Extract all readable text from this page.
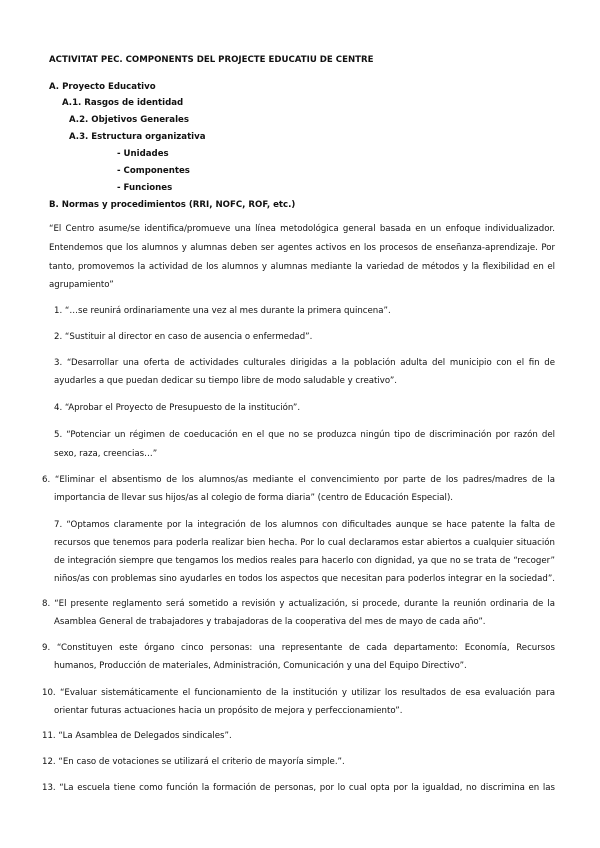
ACTIVITAT PEC. COMPONENTS DEL PROJECTE EDUCATIU DE CENTRE
A. Proyecto Educativo
A.1. Rasgos de identidad
A.2. Objetivos Generales
A.3. Estructura organizativa
- Unidades
- Componentes
- Funciones
B. Normas y procedimientos (RRI, NOFC, ROF, etc.)
“El Centro asume/se identifica/promueve una línea metodológica general basada en un enfoque individualizador.
Entendemos que los alumnos y alumnas deben ser agentes activos en los procesos de enseñanza-aprendizaje. Por
tanto, promovemos la actividad de los alumnos y alumnas mediante la variedad de métodos y la flexibilidad en el
agrupamiento”
1. “…se reunirá ordinariamente una vez al mes durante la primera quincena”.
2. “Sustituir al director en caso de ausencia o enfermedad”.
3. “Desarrollar una oferta de actividades culturales dirigidas a la población adulta del municipio con el fin de
ayudarles a que puedan dedicar su tiempo libre de modo saludable y creativo”.
4. “Aprobar el Proyecto de Presupuesto de la institución”.
5. “Potenciar un régimen de coeducación en el que no se produzca ningún tipo de discriminación por razón del
sexo, raza, creencias…”
6. “Eliminar el absentismo de los alumnos/as mediante el convencimiento por parte de los padres/madres de la
importancia de llevar sus hijos/as al colegio de forma diaria” (centro de Educación Especial).
7. “Optamos claramente por la integración de los alumnos con dificultades aunque se hace patente la falta de
recursos que tenemos para poderla realizar bien hecha. Por lo cual declaramos estar abiertos a cualquier situación
de integración siempre que tengamos los medios reales para hacerlo con dignidad, ya que no se trata de “recoger”
niños/as con problemas sino ayudarles en todos los aspectos que necesitan para poderlos integrar en la sociedad”.
8. “El presente reglamento será sometido a revisión y actualización, si procede, durante la reunión ordinaria de la
Asamblea General de trabajadores y trabajadoras de la cooperativa del mes de mayo de cada año”.
9. “Constituyen este órgano cinco personas: una representante de cada departamento: Economía, Recursos
humanos, Producción de materiales, Administración, Comunicación y una del Equipo Directivo”.
10. “Evaluar sistemáticamente el funcionamiento de la institución y utilizar los resultados de esa evaluación para
orientar futuras actuaciones hacia un propósito de mejora y perfeccionamiento”.
11. “La Asamblea de Delegados sindicales”.
12. “En caso de votaciones se utilizará el criterio de mayoría simple.”.
13. “La escuela tiene como función la formación de personas, por lo cual opta por la igualdad, no discrimina en las
